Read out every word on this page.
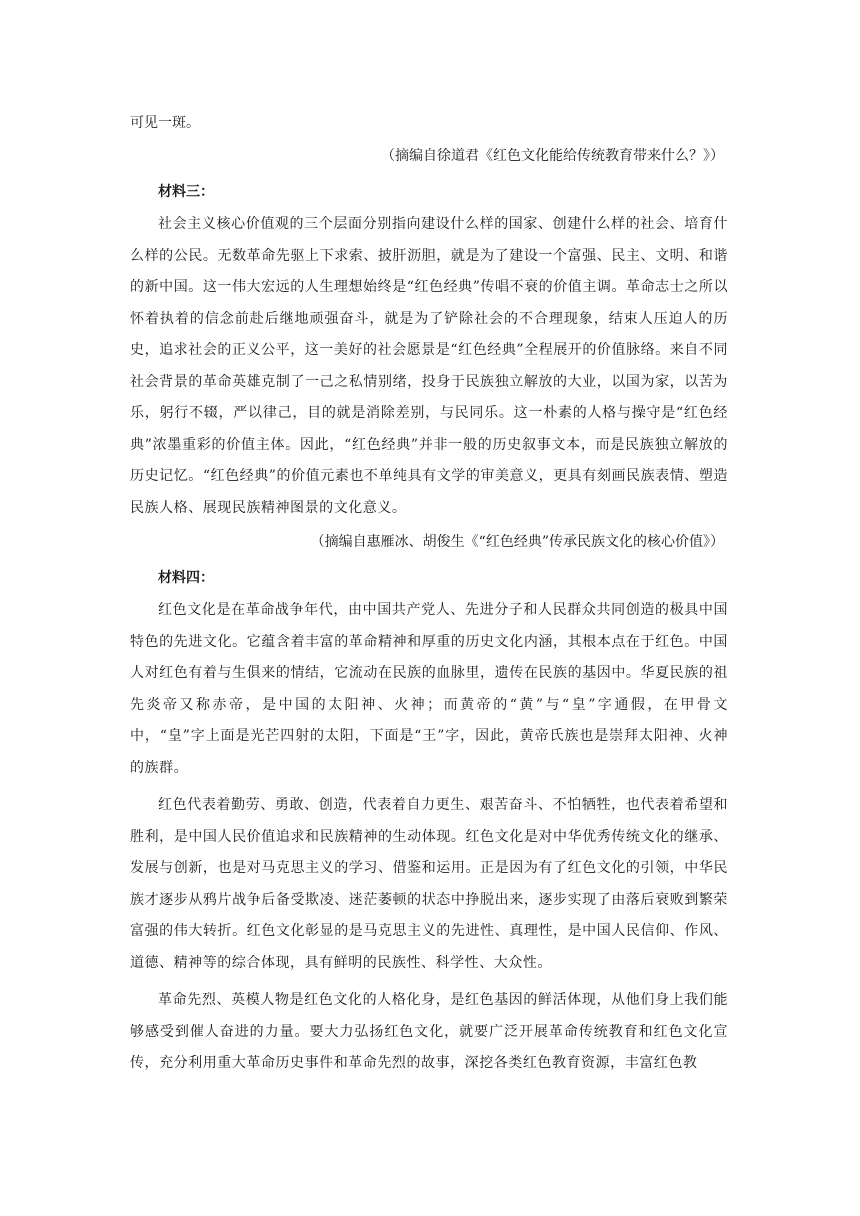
可见一斑。

（摘编自徐道君《红色文化能给传统教育带来什么？》）

材料三：

社会主义核心价值观的三个层面分别指向建设什么样的国家、创建什么样的社会、培育什么样的公民。无数革命先驱上下求索、披肝沥胆，就是为了建设一个富强、民主、文明、和谐的新中国。这一伟大宏远的人生理想始终是“红色经典”传唱不衰的价值主调。革命志士之所以怀着执着的信念前赴后继地顽强奋斗，就是为了铲除社会的不合理现象，结束人压迫人的历史，追求社会的正义公平，这一美好的社会愿景是“红色经典”全程展开的价值脉络。来自不同社会背景的革命英雄克制了一己之私情别绪，投身于民族独立解放的大业，以国为家，以苦为乐，躬行不辍，严以律己，目的就是消除差别，与民同乐。这一朴素的人格与操守是“红色经典”浓墨重彩的价值主体。因此，“红色经典”并非一般的历史叙事文本，而是民族独立解放的历史记忆。“红色经典”的价值元素也不单纯具有文学的审美意义，更具有刻画民族表情、塑造民族人格、展现民族精神图景的文化意义。

（摘编自惠雁冰、胡俊生《“红色经典”传承民族文化的核心价值》）

材料四：

红色文化是在革命战争年代，由中国共产党人、先进分子和人民群众共同创造的极具中国特色的先进文化。它蕴含着丰富的革命精神和厚重的历史文化内涵，其根本点在于红色。中国人对红色有着与生俱来的情结，它流动在民族的血脉里，遗传在民族的基因中。华夏民族的祖先炎帝又称赤帝，是中国的太阳神、火神；而黄帝的“黄”与“皇”字通假，在甲骨文中，“皇”字上面是光芒四射的太阳，下面是“王”字，因此，黄帝氏族也是崇拜太阳神、火神的族群。

红色代表着勤劳、勇敢、创造，代表着自力更生、艰苦奋斗、不怕牺牲，也代表着希望和胜利，是中国人民价值追求和民族精神的生动体现。红色文化是对中华优秀传统文化的继承、发展与创新，也是对马克思主义的学习、借鉴和运用。正是因为有了红色文化的引领，中华民族才逐步从鸦片战争后备受欺凌、迷茫萎顿的状态中挣脱出来，逐步实现了由落后衰败到繁荣富强的伟大转折。红色文化彰显的是马克思主义的先进性、真理性，是中国人民信仰、作风、道德、精神等的综合体现，具有鲜明的民族性、科学性、大众性。

革命先烈、英模人物是红色文化的人格化身，是红色基因的鲜活体现，从他们身上我们能够感受到催人奋进的力量。要大力弘扬红色文化，就要广泛开展革命传统教育和红色文化宣传，充分利用重大革命历史事件和革命先烈的故事，深挖各类红色教育资源，丰富红色教
